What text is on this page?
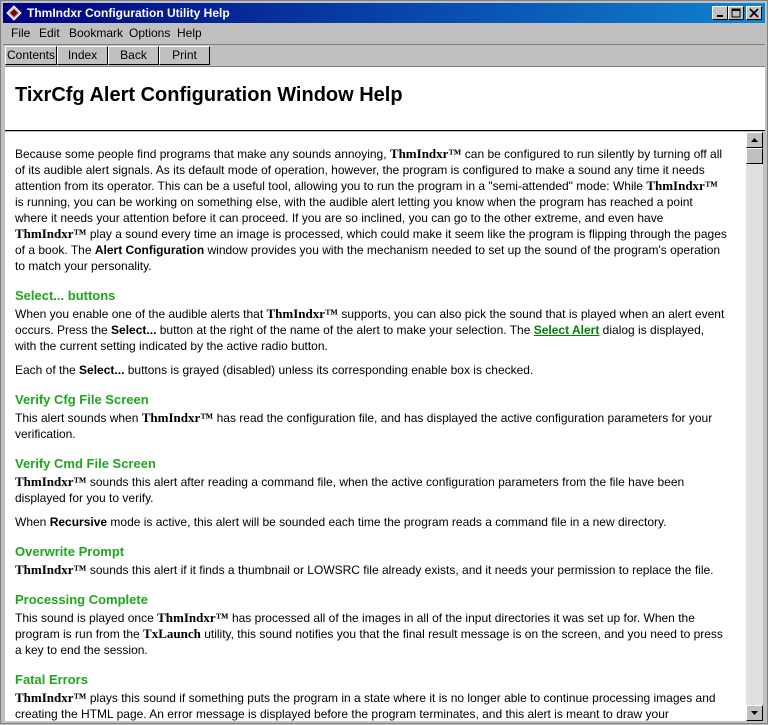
ThmIndxr Configuration Utility Help
File Edit Bookmark Options Help
Contents	Index	Back	Print
TixrCfg Alert Configuration Window Help

Because some people find programs that make any sounds annoying, ThmIndxr™ can be configured to run silently by turning off all of its audible alert signals. As its default mode of operation, however, the program is configured to make a sound any time it needs attention from its operator. This can be a useful tool, allowing you to run the program in a "semi-attended" mode: While ThmIndxr™ is running, you can be working on something else, with the audible alert letting you know when the program has reached a point where it needs your attention before it can proceed. If you are so inclined, you can go to the other extreme, and even have ThmIndxr™ play a sound every time an image is processed, which could make it seem like the program is flipping through the pages of a book. The Alert Configuration window provides you with the mechanism needed to set up the sound of the program's operation to match your personality.

Select... buttons

When you enable one of the audible alerts that ThmIndxr™ supports, you can also pick the sound that is played when an alert event occurs. Press the Select... button at the right of the name of the alert to make your selection. The Select Alert dialog is displayed, with the current setting indicated by the active radio button.

Each of the Select... buttons is grayed (disabled) unless its corresponding enable box is checked.

Verify Cfg File Screen

This alert sounds when ThmIndxr™ has read the configuration file, and has displayed the active configuration parameters for your verification.

Verify Cmd File Screen

ThmIndxr™ sounds this alert after reading a command file, when the active configuration parameters from the file have been displayed for you to verify.

When Recursive mode is active, this alert will be sounded each time the program reads a command file in a new directory.

Overwrite Prompt

ThmIndxr™ sounds this alert if it finds a thumbnail or LOWSRC file already exists, and it needs your permission to replace the file.

Processing Complete

This sound is played once ThmIndxr™ has processed all of the images in all of the input directories it was set up for. When the program is run from the TxLaunch utility, this sound notifies you that the final result message is on the screen, and you need to press a key to end the session.

Fatal Errors

ThmIndxr™ plays this sound if something puts the program in a state where it is no longer able to continue processing images and creating the HTML page. An error message is displayed before the program terminates, and this alert is meant to draw your
